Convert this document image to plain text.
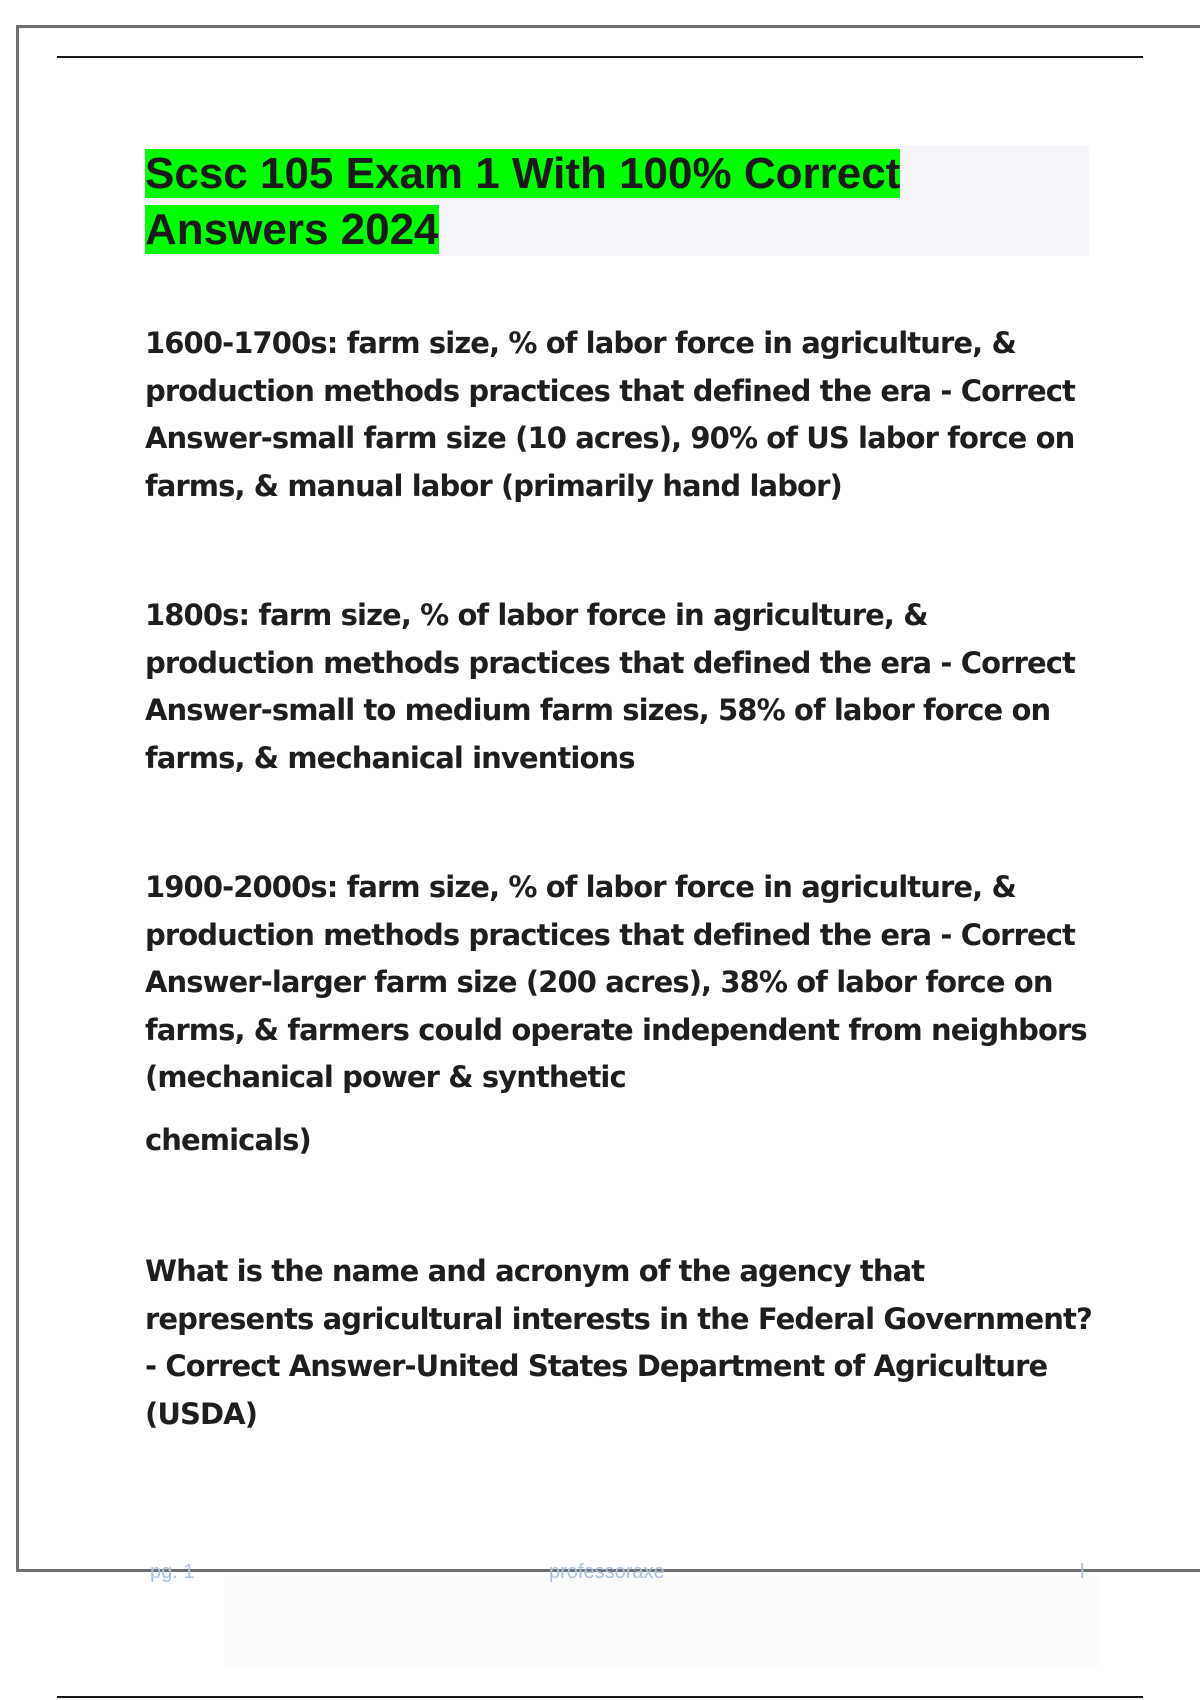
Scsc 105 Exam 1 With 100% Correct Answers 2024

1600-1700s: farm size, % of labor force in agriculture, & production methods practices that defined the era - Correct Answer-small farm size (10 acres), 90% of US labor force on farms, & manual labor (primarily hand labor)

1800s: farm size, % of labor force in agriculture, & production methods practices that defined the era - Correct Answer-small to medium farm sizes, 58% of labor force on farms, & mechanical inventions

1900-2000s: farm size, % of labor force in agriculture, & production methods practices that defined the era - Correct Answer-larger farm size (200 acres), 38% of labor force on farms, & farmers could operate independent from neighbors (mechanical power & synthetic
chemicals)

What is the name and acronym of the agency that represents agricultural interests in the Federal Government? - Correct Answer-United States Department of Agriculture (USDA)

pg. 1	professoraxe	l
